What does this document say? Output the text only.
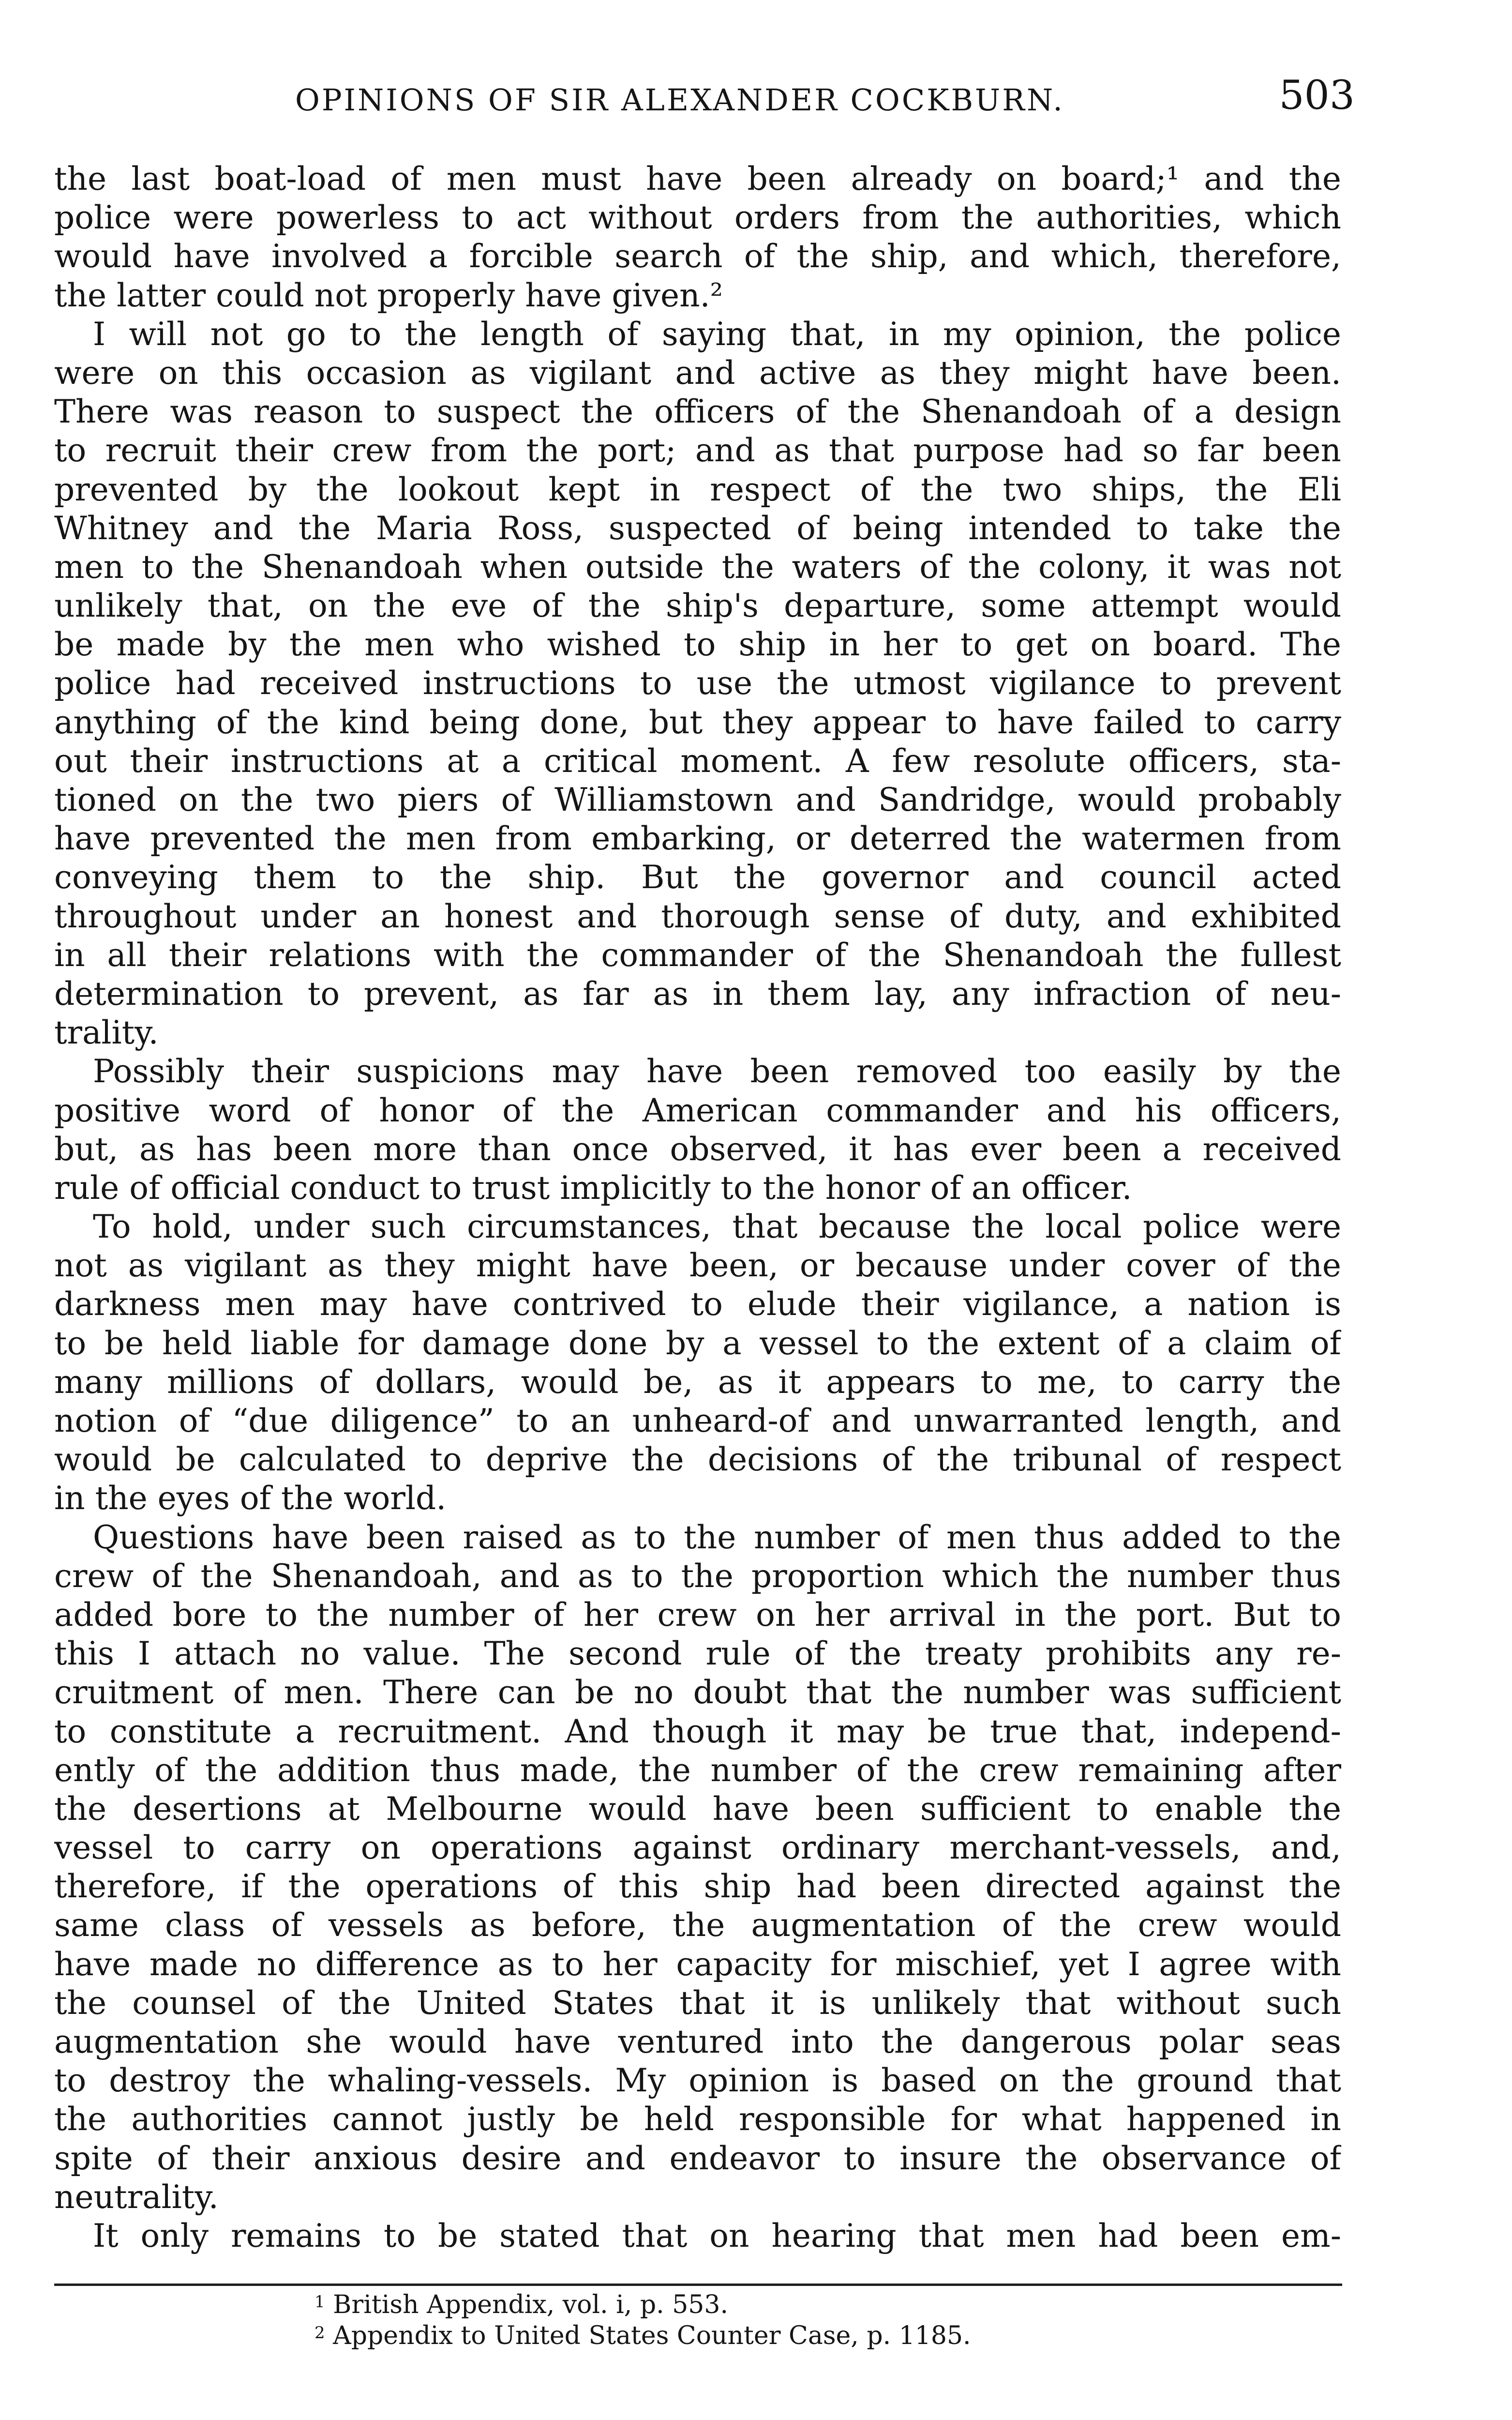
OPINIONS OF SIR ALEXANDER COCKBURN.	503
the last boat-load of men must have been already on board;¹ and the
police were powerless to act without orders from the authorities, which
would have involved a forcible search of the ship, and which, therefore,
the latter could not properly have given.²
I will not go to the length of saying that, in my opinion, the police
were on this occasion as vigilant and active as they might have been.
There was reason to suspect the officers of the Shenandoah of a design
to recruit their crew from the port; and as that purpose had so far been
prevented by the lookout kept in respect of the two ships, the Eli
Whitney and the Maria Ross, suspected of being intended to take the
men to the Shenandoah when outside the waters of the colony, it was not
unlikely that, on the eve of the ship's departure, some attempt would
be made by the men who wished to ship in her to get on board. The
police had received instructions to use the utmost vigilance to prevent
anything of the kind being done, but they appear to have failed to carry
out their instructions at a critical moment. A few resolute officers, sta-
tioned on the two piers of Williamstown and Sandridge, would probably
have prevented the men from embarking, or deterred the watermen from
conveying them to the ship. But the governor and council acted
throughout under an honest and thorough sense of duty, and exhibited
in all their relations with the commander of the Shenandoah the fullest
determination to prevent, as far as in them lay, any infraction of neu-
trality.
Possibly their suspicions may have been removed too easily by the
positive word of honor of the American commander and his officers,
but, as has been more than once observed, it has ever been a received
rule of official conduct to trust implicitly to the honor of an officer.
To hold, under such circumstances, that because the local police were
not as vigilant as they might have been, or because under cover of the
darkness men may have contrived to elude their vigilance, a nation is
to be held liable for damage done by a vessel to the extent of a claim of
many millions of dollars, would be, as it appears to me, to carry the
notion of “due diligence” to an unheard-of and unwarranted length, and
would be calculated to deprive the decisions of the tribunal of respect
in the eyes of the world.
Questions have been raised as to the number of men thus added to the
crew of the Shenandoah, and as to the proportion which the number thus
added bore to the number of her crew on her arrival in the port. But to
this I attach no value. The second rule of the treaty prohibits any re-
cruitment of men. There can be no doubt that the number was sufficient
to constitute a recruitment. And though it may be true that, independ-
ently of the addition thus made, the number of the crew remaining after
the desertions at Melbourne would have been sufficient to enable the
vessel to carry on operations against ordinary merchant-vessels, and,
therefore, if the operations of this ship had been directed against the
same class of vessels as before, the augmentation of the crew would
have made no difference as to her capacity for mischief, yet I agree with
the counsel of the United States that it is unlikely that without such
augmentation she would have ventured into the dangerous polar seas
to destroy the whaling-vessels. My opinion is based on the ground that
the authorities cannot justly be held responsible for what happened in
spite of their anxious desire and endeavor to insure the observance of
neutrality.
It only remains to be stated that on hearing that men had been em-
$^1$ British Appendix, vol. i, p. 553.
$^2$ Appendix to United States Counter Case, p. 1185.
